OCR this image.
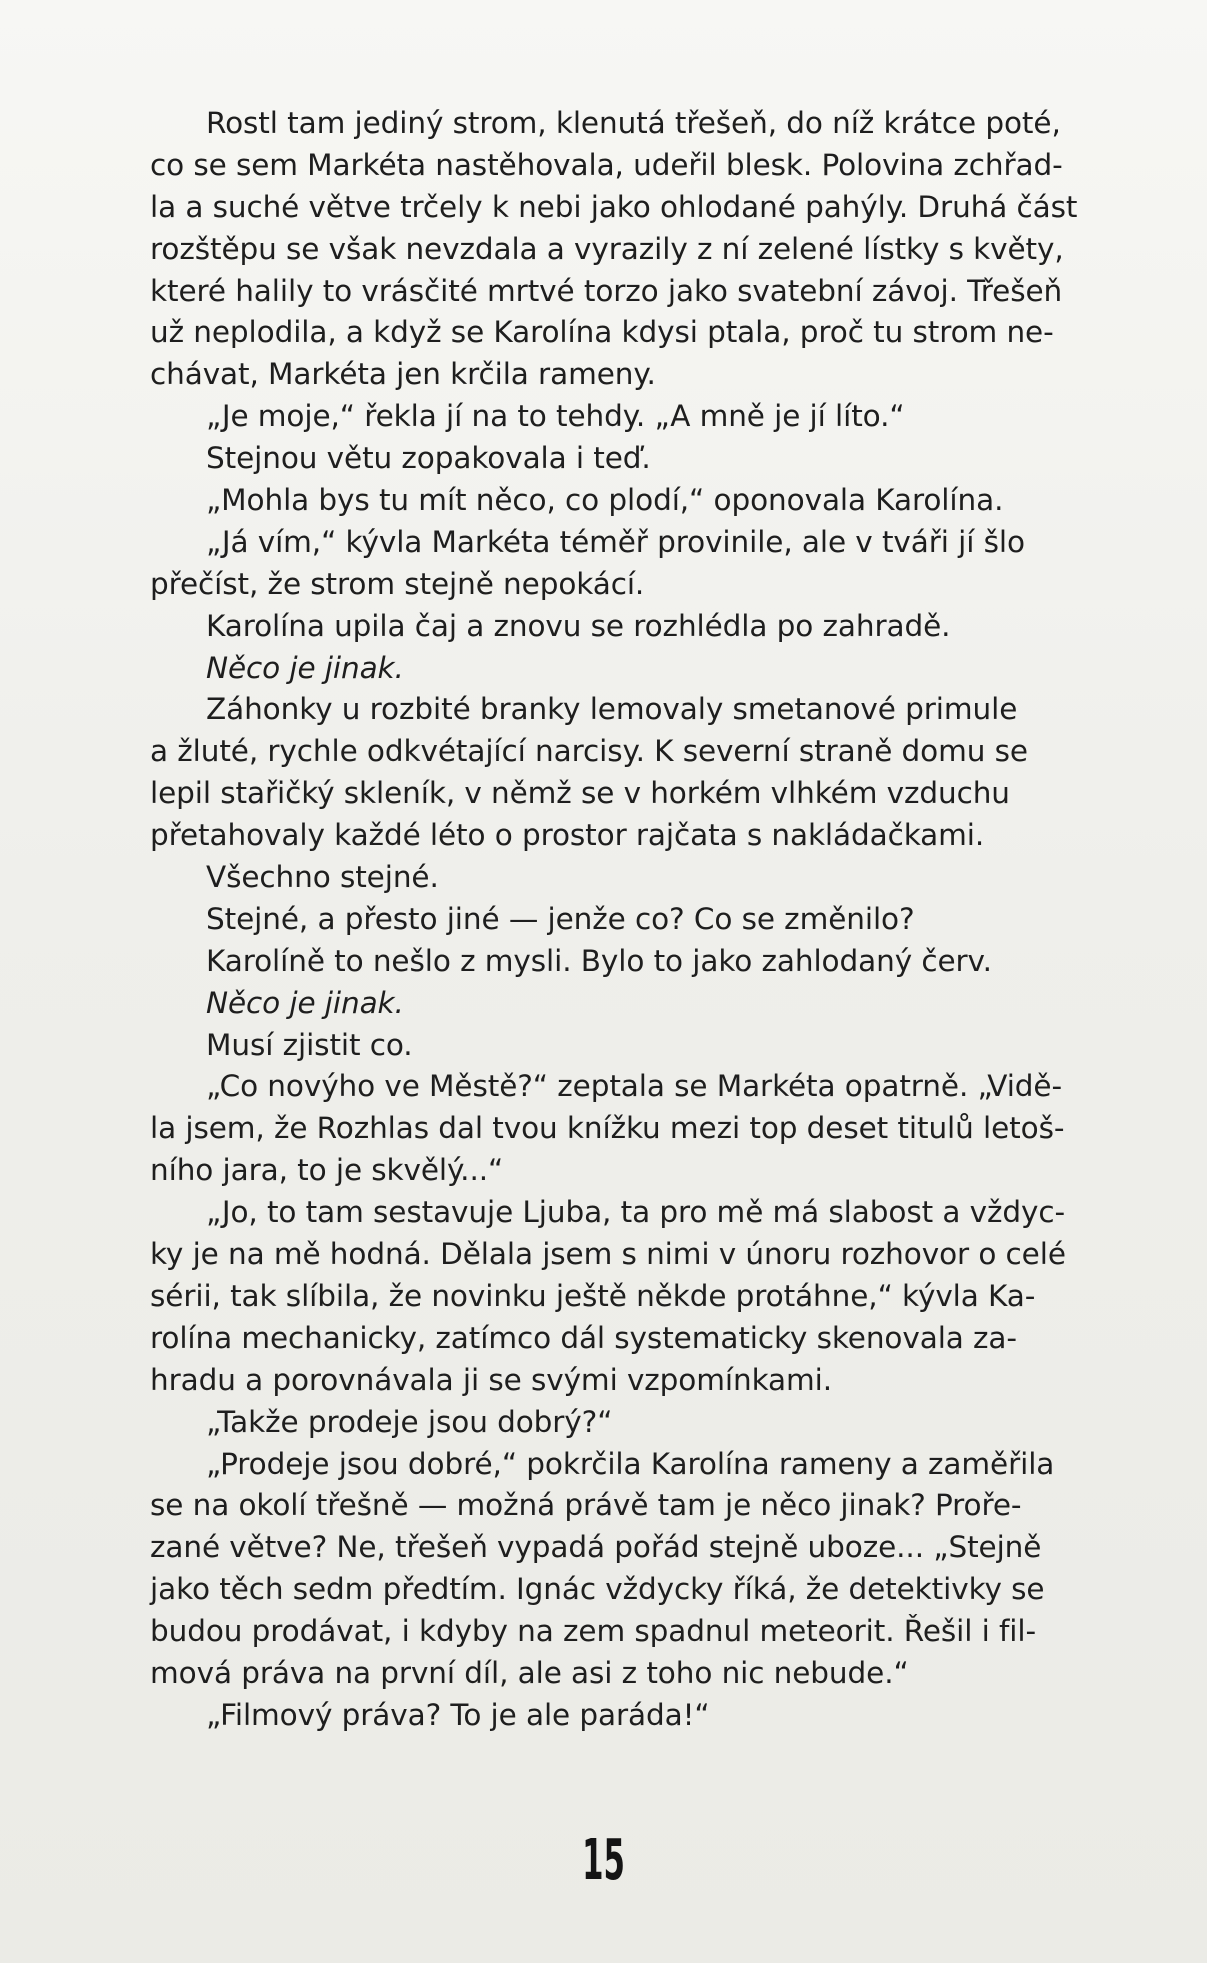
Rostl tam jediný strom, klenutá třešeň, do níž krátce poté,
co se sem Markéta nastěhovala, udeřil blesk. Polovina zchřad-
la a suché větve trčely k nebi jako ohlodané pahýly. Druhá část
rozštěpu se však nevzdala a vyrazily z ní zelené lístky s květy,
které halily to vrásčité mrtvé torzo jako svatební závoj. Třešeň
už neplodila, a když se Karolína kdysi ptala, proč tu strom ne-
chávat, Markéta jen krčila rameny.
„Je moje,“ řekla jí na to tehdy. „A mně je jí líto.“
Stejnou větu zopakovala i teď.
„Mohla bys tu mít něco, co plodí,“ oponovala Karolína.
„Já vím,“ kývla Markéta téměř provinile, ale v tváři jí šlo
přečíst, že strom stejně nepokácí.
Karolína upila čaj a znovu se rozhlédla po zahradě.
Něco je jinak.
Záhonky u rozbité branky lemovaly smetanové primule
a žluté, rychle odkvétající narcisy. K severní straně domu se
lepil stařičký skleník, v němž se v horkém vlhkém vzduchu
přetahovaly každé léto o prostor rajčata s nakládačkami.
Všechno stejné.
Stejné, a přesto jiné — jenže co? Co se změnilo?
Karolíně to nešlo z mysli. Bylo to jako zahlodaný červ.
Něco je jinak.
Musí zjistit co.
„Co novýho ve Městě?“ zeptala se Markéta opatrně. „Vidě-
la jsem, že Rozhlas dal tvou knížku mezi top deset titulů letoš-
ního jara, to je skvělý...“
„Jo, to tam sestavuje Ljuba, ta pro mě má slabost a vždyc-
ky je na mě hodná. Dělala jsem s nimi v únoru rozhovor o celé
sérii, tak slíbila, že novinku ještě někde protáhne,“ kývla Ka-
rolína mechanicky, zatímco dál systematicky skenovala za-
hradu a porovnávala ji se svými vzpomínkami.
„Takže prodeje jsou dobrý?“
„Prodeje jsou dobré,“ pokrčila Karolína rameny a zaměřila
se na okolí třešně — možná právě tam je něco jinak? Proře-
zané větve? Ne, třešeň vypadá pořád stejně uboze... „Stejně
jako těch sedm předtím. Ignác vždycky říká, že detektivky se
budou prodávat, i kdyby na zem spadnul meteorit. Řešil i fil-
mová práva na první díl, ale asi z toho nic nebude.“
„Filmový práva? To je ale paráda!“
15
